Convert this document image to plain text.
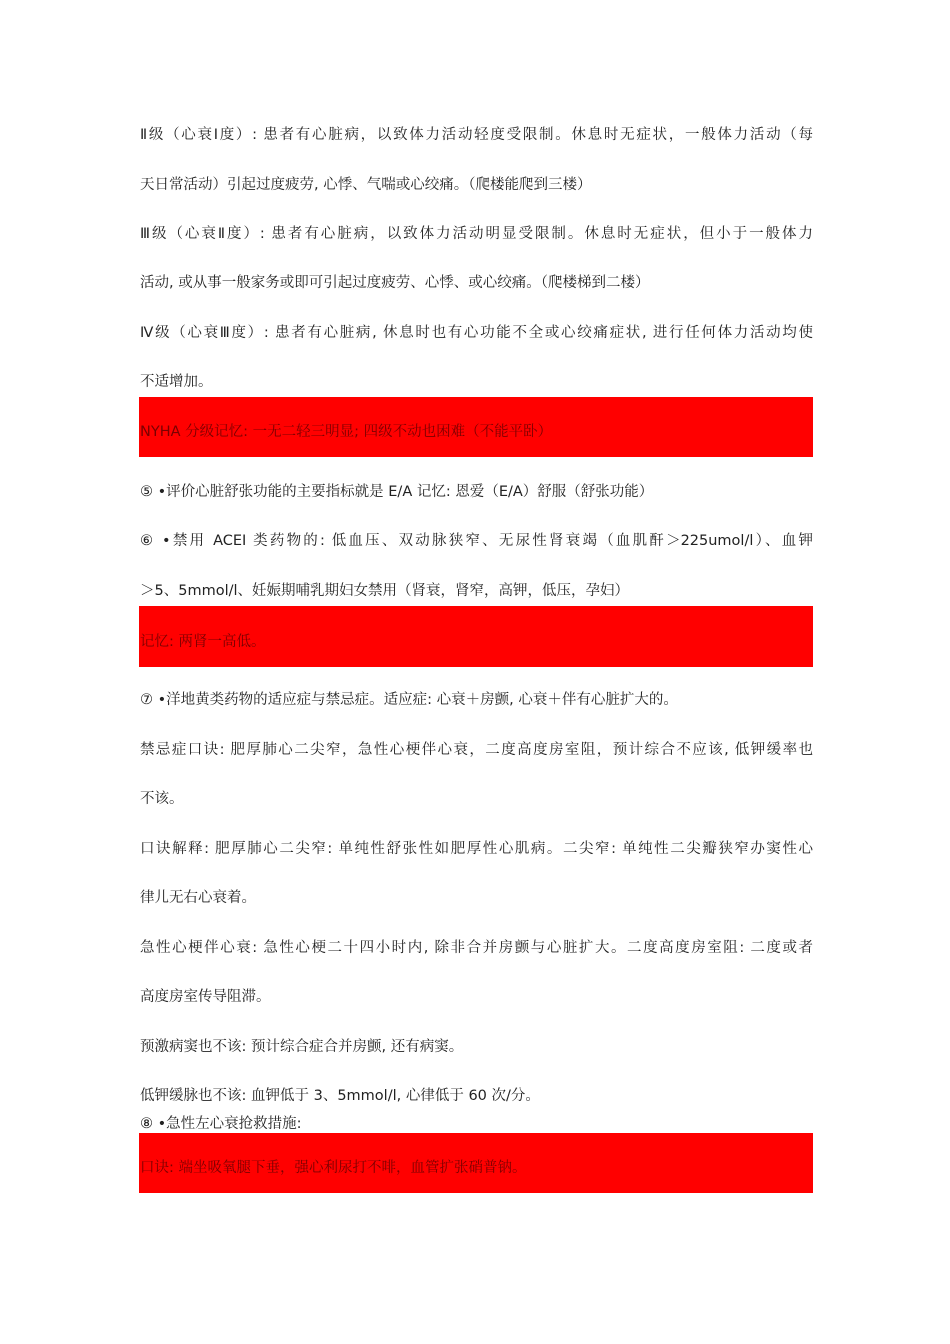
Ⅱ级（心衰Ⅰ度）: 患者有心脏病，以致体力活动轻度受限制。休息时无症状，一般体力活动（每
天日常活动）引起过度疲劳, 心悸、气喘或心绞痛。（爬楼能爬到三楼）
Ⅲ级（心衰Ⅱ度）: 患者有心脏病，以致体力活动明显受限制。休息时无症状，但小于一般体力
活动, 或从事一般家务或即可引起过度疲劳、心悸、或心绞痛。（爬楼梯到二楼）
Ⅳ级（心衰Ⅲ度）: 患者有心脏病, 休息时也有心功能不全或心绞痛症状, 进行任何体力活动均使
不适增加。
NYHA 分级记忆: 一无二轻三明显; 四级不动也困难（不能平卧）
⑤ •评价心脏舒张功能的主要指标就是 E/A 记忆: 恩爱（E/A）舒服（舒张功能）
⑥ •禁用 ACEI 类药物的: 低血压、双动脉狭窄、无尿性肾衰竭（血肌酐＞225umol/l）、血钾
＞5、5mmol/l、妊娠期哺乳期妇女禁用（肾衰，肾窄，高钾，低压，孕妇）
记忆: 两肾一高低。
⑦ •洋地黄类药物的适应症与禁忌症。适应症: 心衰＋房颤, 心衰＋伴有心脏扩大的。
禁忌症口诀: 肥厚肺心二尖窄，急性心梗伴心衰，二度高度房室阻，预计综合不应该, 低钾缓率也
不该。
口诀解释: 肥厚肺心二尖窄: 单纯性舒张性如肥厚性心肌病。二尖窄: 单纯性二尖瓣狭窄办窦性心
律儿无右心衰着。
急性心梗伴心衰: 急性心梗二十四小时内, 除非合并房颤与心脏扩大。二度高度房室阻: 二度或者
高度房室传导阻滞。
预激病窦也不该: 预计综合症合并房颤, 还有病窦。
低钾缓脉也不该: 血钾低于 3、5mmol/l, 心律低于 60 次/分。
⑧ •急性左心衰抢救措施:
口诀: 端坐吸氧腿下垂，强心利尿打不啡，血管扩张硝普钠。
